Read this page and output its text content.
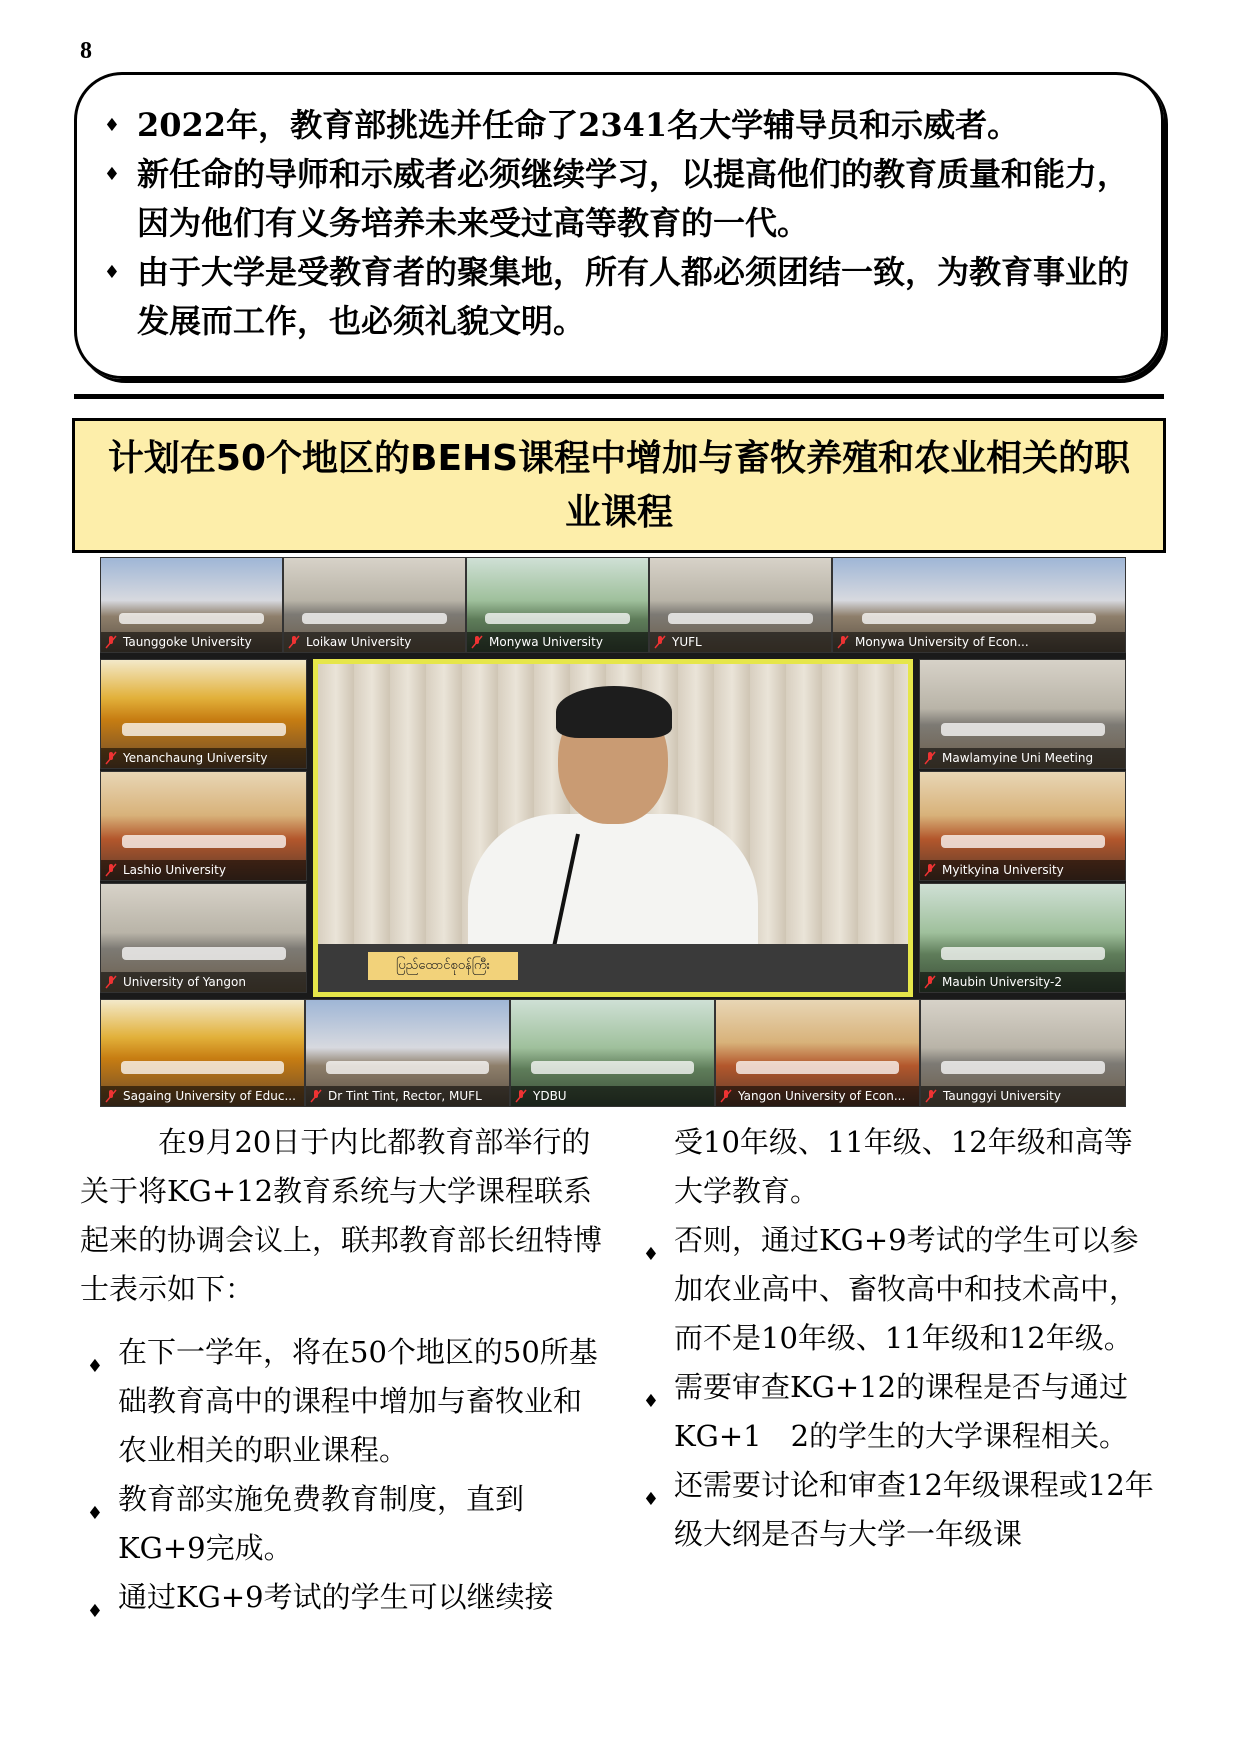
8
♦ 2022年，教育部挑选并任命了2341名大学辅导员和示威者。
♦ 新任命的导师和示威者必须继续学习，以提高他们的教育质量和能力，因为他们有义务培养未来受过高等教育的一代。
♦ 由于大学是受教育者的聚集地，所有人都必须团结一致，为教育事业的发展而工作，也必须礼貌文明。
计划在50个地区的BEHS课程中增加与畜牧养殖和农业相关的职业课程
Taunggoke University	Loikaw University	Monywa University	YUFL	Monywa University of Econ...
Yenanchaung University
Lashio University
University of Yangon
ပြည်ထောင်စုဝန်ကြီး
Mawlamyine Uni Meeting
Myitkyina University
Maubin University-2
Sagaing University of Educ...	Dr Tint Tint, Rector, MUFL	YDBU	Yangon University of Econ...	Taunggyi University

在9月20日于内比都教育部举行的关于将KG+12教育系统与大学课程联系起来的协调会议上，联邦教育部长纽特博士表示如下：

♦ 在下一学年，将在50个地区的50所基础教育高中的课程中增加与畜牧业和农业相关的职业课程。
♦ 教育部实施免费教育制度，直到KG+9完成。
♦ 通过KG+9考试的学生可以继续接
受10年级、11年级、12年级和高等大学教育。
♦ 否则，通过KG+9考试的学生可以参加农业高中、畜牧高中和技术高中，而不是10年级、11年级和12年级。
♦ 需要审查KG+12的课程是否与通过KG+1　2的学生的大学课程相关。
♦ 还需要讨论和审查12年级课程或12年级大纲是否与大学一年级课
